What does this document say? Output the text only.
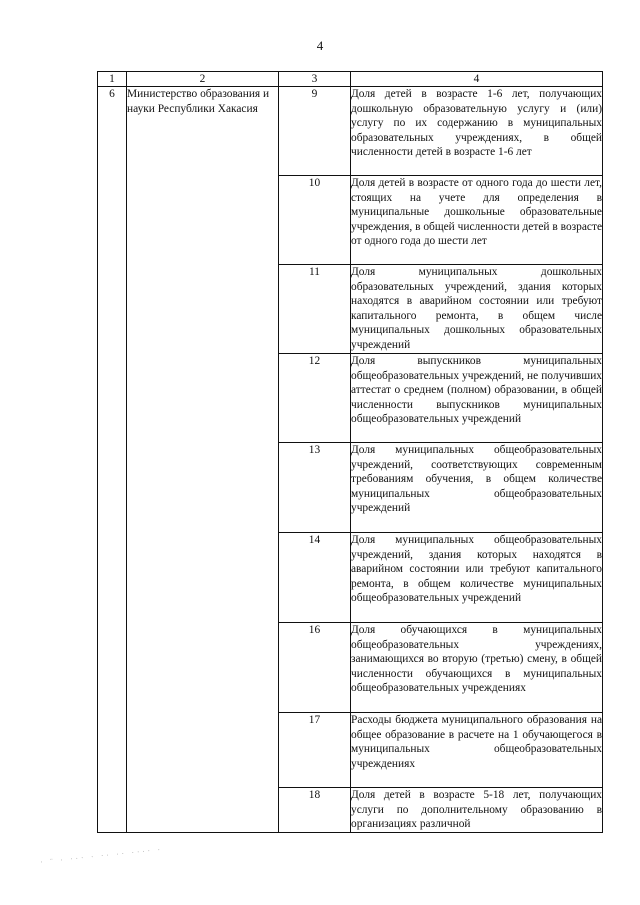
4
1	2	3	4
6	Министерство образования и науки Республики Хакасия	9	Доля детей в возрасте 1-6 лет, получающих дошкольную образовательную услугу и (или) услугу по их содержанию в муниципальных образовательных учреждениях, в общей численности детей в возрасте 1-6 лет

		10	Доля детей в возрасте от одного года до шести лет, стоящих на учете для определения в муниципальные дошкольные образовательные учреждения, в общей численности детей в возрасте от одного года до шести лет

		11	Доля муниципальных дошкольных образовательных учреждений, здания которых находятся в аварийном состоянии или требуют капитального ремонта, в общем числе муниципальных дошкольных образовательных учреждений

		12	Доля выпускников муниципальных общеобразовательных учреждений, не получивших аттестат о среднем (полном) образовании, в общей численности выпускников муниципальных общеобразовательных учреждений

		13	Доля муниципальных общеобразовательных учреждений, соответствующих современным требованиям обучения, в общем количестве муниципальных общеобразовательных учреждений

		14	Доля муниципальных общеобразовательных учреждений, здания которых находятся в аварийном состоянии или требуют капитального ремонта, в общем количестве муниципальных общеобразовательных учреждений

		16	Доля обучающихся в муниципальных общеобразовательных учреждениях, занимающихся во вторую (третью) смену, в общей численности обучающихся в муниципальных общеобразовательных учреждениях

		17	Расходы бюджета муниципального образования на общее образование в расчете на 1 обучающегося в муниципальных общеобразовательных учреждениях

		18	Доля детей в возрасте 5-18 лет, получающих услуги по дополнительному образованию в организациях различной
· ¨ · ··· · ·· ·· ···· ·
